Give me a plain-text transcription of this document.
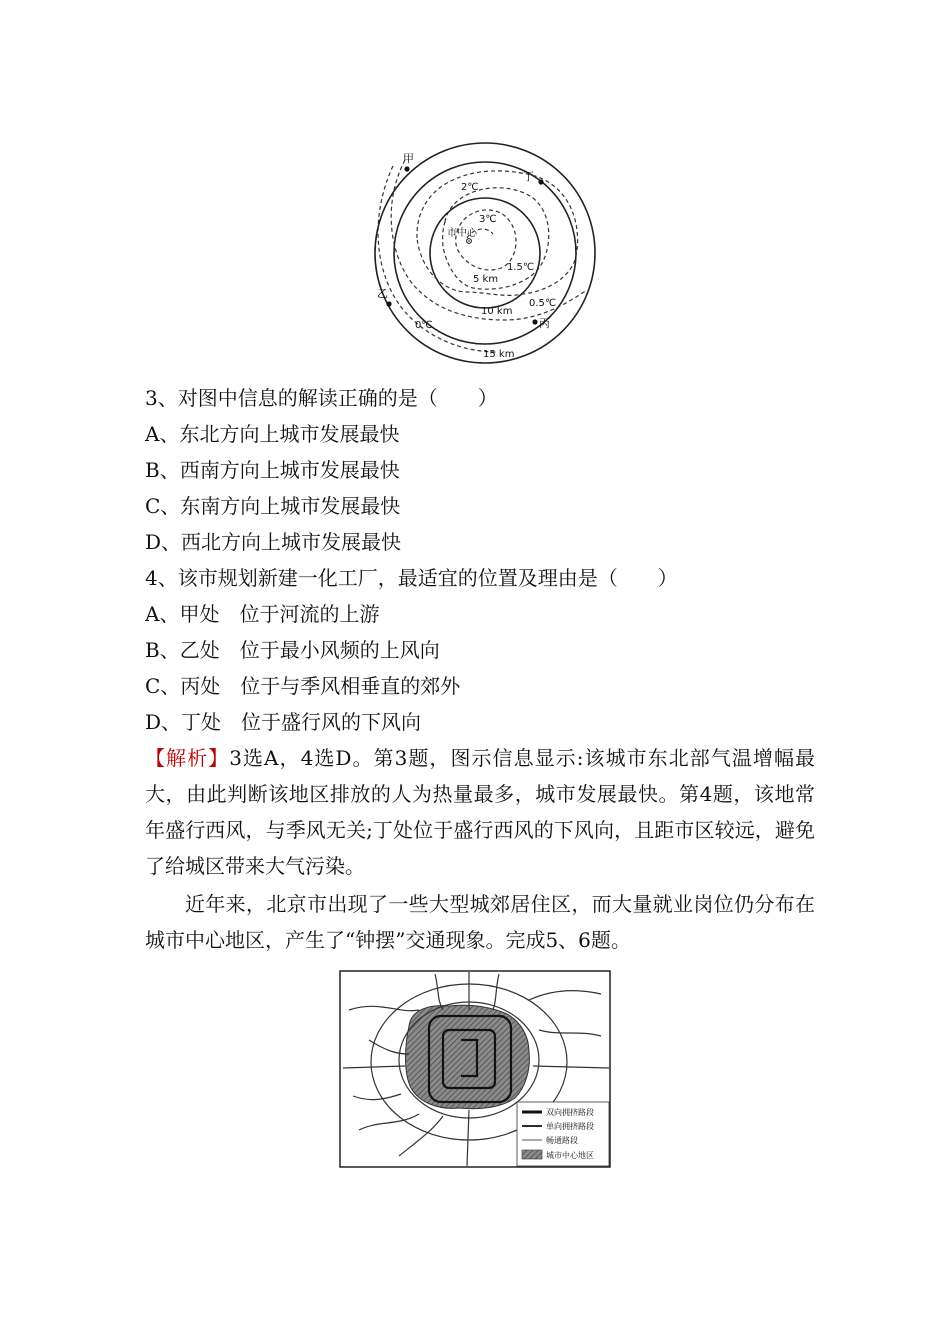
甲
丁
乙
丙
市中心
2℃
3℃
1.5℃
0.5℃
0℃
5 km
10 km
15 km
3、对图中信息的解读正确的是（　　）
A、东北方向上城市发展最快
B、西南方向上城市发展最快
C、东南方向上城市发展最快
D、西北方向上城市发展最快
4、该市规划新建一化工厂，最适宜的位置及理由是（　　）
A、甲处　位于河流的上游
B、乙处　位于最小风频的上风向
C、丙处　位于与季风相垂直的郊外
D、丁处　位于盛行风的下风向
【解析】3选A，4选D。第3题，图示信息显示:该城市东北部气温增幅最大，由此判断该地区排放的人为热量最多，城市发展最快。第4题，该地常年盛行西风，与季风无关;丁处位于盛行西风的下风向，且距市区较远，避免了给城区带来大气污染。
近年来，北京市出现了一些大型城郊居住区，而大量就业岗位仍分布在城市中心地区，产生了“钟摆”交通现象。完成5、6题。
双向拥挤路段
单向拥挤路段
畅通路段
城市中心地区
